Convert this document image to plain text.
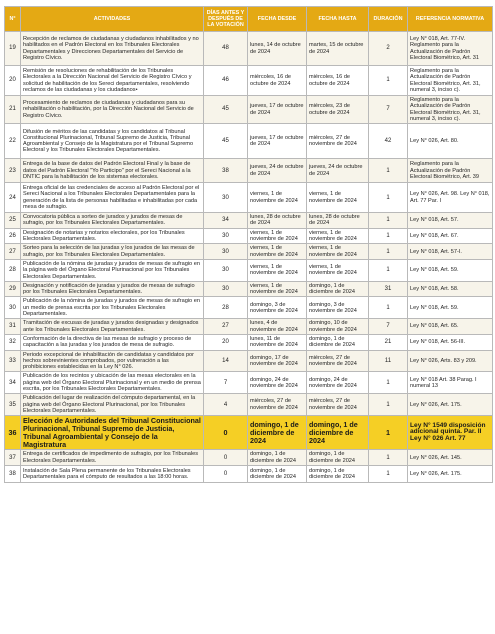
N°	ACTIVIDADES	DÍAS ANTES Y DESPUÉS DE LA VOTACIÓN	FECHA DESDE	FECHA HASTA	DURACIÓN	REFERENCIA NORMATIVA
19	Recepción de reclamos de ciudadanas y ciudadanos inhabilitados y no habilitados en el Padrón Electoral en los Tribunales Electorales Departamentales y Direcciones Departamentales del Servicio de Registro Cívico.	48	lunes, 14 de octubre de 2024	martes, 15 de octubre de 2024	2	Ley N° 018, Art. 77-IV. Reglamento para la Actualización de Padrón Electoral Biométrico, Art. 31
20	Remisión de resoluciones de rehabilitación de los Tribunales Electorales a la Dirección Nacional del Servicio de Registro Cívico y solicitud de habilitación de los Sereci departamentales, resolviendo reclamos de las ciudadanas y los ciudadanos•	46	miércoles, 16 de octubre de 2024	miércoles, 16 de octubre de 2024	1	Reglamento para la Actualización de Padrón Electoral Biométrico, Art. 31, numeral 3, inciso c).
21	Procesamiento de reclamos de ciudadanas y ciudadanos para su rehabilitación o habilitación, por la Dirección Nacional del Servicio de Registro Cívico.	45	jueves, 17 de octubre de 2024	miércoles, 23 de octubre de 2024	7	Reglamento para la Actualización de Padrón Electoral Biométrico, Art. 31, numeral 3, inciso c).
22	Difusión de méritos de las candidatas y los candidatos al Tribunal Constitucional Plurinacional, Tribunal Supremo de Justicia, Tribunal Agroambiental y Consejo de la Magistratura por el Tribunal Supremo Electoral y los Tribunales Electorales Departamentales.	45	jueves, 17 de octubre de 2024	miércoles, 27 de noviembre de 2024	42	Ley N° 026, Art. 80.
23	Entrega de la base de datos del Padrón Electoral Final y la base de datos del Padrón Electoral "Yo Participo" por el Sereci Nacional a la DNTIC para la habilitación de los sistemas electorales.	38	jueves, 24 de octubre de 2024	jueves, 24 de octubre de 2024	1	Reglamento para la Actualización de Padrón Electoral Biométrico, Art. 39
24	Entrega oficial de las credenciales de acceso al Padrón Electoral por el Sereci Nacional a los Tribunales Electorales Departamentales para la generación de la lista de personas habilitadas e inhabilitadas por cada mesa de sufragio.	30	viernes, 1 de noviembre de 2024	viernes, 1 de noviembre de 2024	1	Ley N° 026, Art. 98. Ley N° 018, Art. 77 Par. I
25	Convocatoria pública a sorteo de jurados y jurados de mesas de sufragio, por los Tribunales Electorales Departamentales.	34	lunes, 28 de octubre de 2024	lunes, 28 de octubre de 2024	1	Ley N° 018, Art. 57.
26	Designación de notarias y notarios electorales, por los Tribunales Electorales Departamentales.	30	viernes, 1 de noviembre de 2024	viernes, 1 de noviembre de 2024	1	Ley N° 018, Art. 67.
27	Sorteo para la selección de las juradas y los jurados de las mesas de sufragio, por los Tribunales Electorales Departamentales.	30	viernes, 1 de noviembre de 2024	viernes, 1 de noviembre de 2024	1	Ley N° 018, Art. 57-I.
28	Publicación de la nómina de juradas y jurados de mesas de sufragio en la página web del Órgano Electoral Plurinacional por los Tribunales Electorales Departamentales.	30	viernes, 1 de noviembre de 2024	viernes, 1 de noviembre de 2024	1	Ley N° 018, Art. 59.
29	Designación y notificación de juradas y jurados de mesas de sufragio por los Tribunales Electorales Departamentales.	30	viernes, 1 de noviembre de 2024	domingo, 1 de diciembre de 2024	31	Ley N° 018, Art. 58.
30	Publicación de la nómina de juradas y jurados de mesas de sufragio en un medio de prensa escrita por los Tribunales Electorales Departamentales.	28	domingo, 3 de noviembre de 2024	domingo, 3 de noviembre de 2024	1	Ley N° 018, Art. 59.
31	Tramitación de excusas de juradas y jurados designadas y designados ante los Tribunales Electorales Departamentales.	27	lunes, 4 de noviembre de 2024	domingo, 10 de noviembre de 2024	7	Ley N° 018, Art. 65.
32	Conformación de la directiva de las mesas de sufragio y proceso de capacitación a las juradas y los jurados de mesa de sufragio.	20	lunes, 11 de noviembre de 2024	domingo, 1 de diciembre de 2024	21	Ley N° 018, Art. 56-III.
33	Periodo excepcional de inhabilitación de candidatas y candidatos por hechos sobrevinientes comprobados, por vulneración a las prohibiciones establecidas en la Ley N° 026.	14	domingo, 17 de noviembre de 2024	miércoles, 27 de noviembre de 2024	11	Ley N° 026, Arts. 83 y 209.
34	Publicación de los recintos y ubicación de las mesas electorales en la página web del Órgano Electoral Plurinacional y en un medio de prensa escrita, por los Tribunales Electorales Departamentales.	7	domingo, 24 de noviembre de 2024	domingo, 24 de noviembre de 2024	1	Ley N° 018 Art. 38 Parag. I numeral 13
35	Publicación del lugar de realización del cómputo departamental, en la página web del Órgano Electoral Plurinacional, por los Tribunales Electorales Departamentales.	4	miércoles, 27 de noviembre de 2024	miércoles, 27 de noviembre de 2024	1	Ley N° 026, Art. 175.
36	Elección de Autoridades del Tribunal Constitucional Plurinacional, Tribunal Supremo de Justicia, Tribunal Agroambiental y Consejo de la Magistratura	0	domingo, 1 de diciembre de 2024	domingo, 1 de diciembre de 2024	1	Ley N° 1549 disposición adicional quinta. Par. II Ley N° 026 Art. 77
37	Entrega de certificados de impedimento de sufragio, por los Tribunales Electorales Departamentales.	0	domingo, 1 de diciembre de 2024	domingo, 1 de diciembre de 2024	1	Ley N° 026, Art. 145.
38	Instalación de Sala Plena permanente de los Tribunales Electorales Departamentales para el cómputo de resultados a las 18:00 horas.	0	domingo, 1 de diciembre de 2024	domingo, 1 de diciembre de 2024	1	Ley N° 026, Art. 175.
